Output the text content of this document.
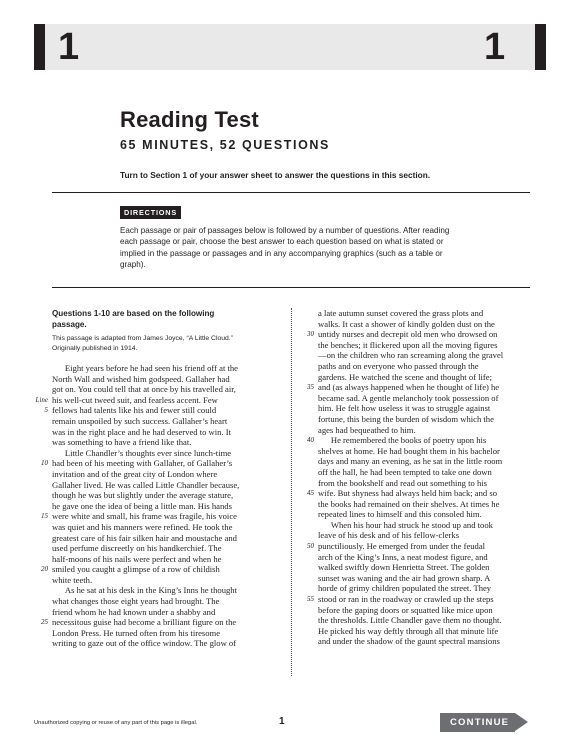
1	1
Reading Test
65 MINUTES, 52 QUESTIONS
Turn to Section 1 of your answer sheet to answer the questions in this section.
DIRECTIONS
Each passage or pair of passages below is followed by a number of questions. After reading
each passage or pair, choose the best answer to each question based on what is stated or
implied in the passage or passages and in any accompanying graphics (such as a table or
graph).
Questions 1-10 are based on the following
passage.
This passage is adapted from James Joyce, “A Little Cloud.”
Originally published in 1914.
  Eight years before he had seen his friend off at the
North Wall and wished him godspeed. Gallaher had
got on. You could tell that at once by his travelled air,
his well-cut tweed suit, and fearless accent. Few
fellows had talents like his and fewer still could
remain unspoiled by such success. Gallaher’s heart
was in the right place and he had deserved to win. It
was something to have a friend like that.
  Little Chandler’s thoughts ever since lunch-time
had been of his meeting with Gallaher, of Gallaher’s
invitation and of the great city of London where
Gallaher lived. He was called Little Chandler because,
though he was but slightly under the average stature,
he gave one the idea of being a little man. His hands
were white and small, his frame was fragile, his voice
was quiet and his manners were refined. He took the
greatest care of his fair silken hair and moustache and
used perfume discreetly on his handkerchief. The
half-moons of his nails were perfect and when he
smiled you caught a glimpse of a row of childish
white teeth.
  As he sat at his desk in the King’s Inns he thought
what changes those eight years had brought. The
friend whom he had known under a shabby and
necessitous guise had become a brilliant figure on the
London Press. He turned often from his tiresome
writing to gaze out of the office window. The glow of
Line
5
10
15
20
25
a late autumn sunset covered the grass plots and
walks. It cast a shower of kindly golden dust on the
untidy nurses and decrepit old men who drowsed on
the benches; it flickered upon all the moving figures
—on the children who ran screaming along the gravel
paths and on everyone who passed through the
gardens. He watched the scene and thought of life;
and (as always happened when he thought of life) he
became sad. A gentle melancholy took possession of
him. He felt how useless it was to struggle against
fortune, this being the burden of wisdom which the
ages had bequeathed to him.
  He remembered the books of poetry upon his
shelves at home. He had bought them in his bachelor
days and many an evening, as he sat in the little room
off the hall, he had been tempted to take one down
from the bookshelf and read out something to his
wife. But shyness had always held him back; and so
the books had remained on their shelves. At times he
repeated lines to himself and this consoled him.
  When his hour had struck he stood up and took
leave of his desk and of his fellow-clerks
punctiliously. He emerged from under the feudal
arch of the King’s Inns, a neat modest figure, and
walked swiftly down Henrietta Street. The golden
sunset was waning and the air had grown sharp. A
horde of grimy children populated the street. They
stood or ran in the roadway or crawled up the steps
before the gaping doors or squatted like mice upon
the thresholds. Little Chandler gave them no thought.
He picked his way deftly through all that minute life
and under the shadow of the gaunt spectral mansions
30
35
40
45
50
55
Unauthorized copying or reuse of any part of this page is illegal.	1	CONTINUE
